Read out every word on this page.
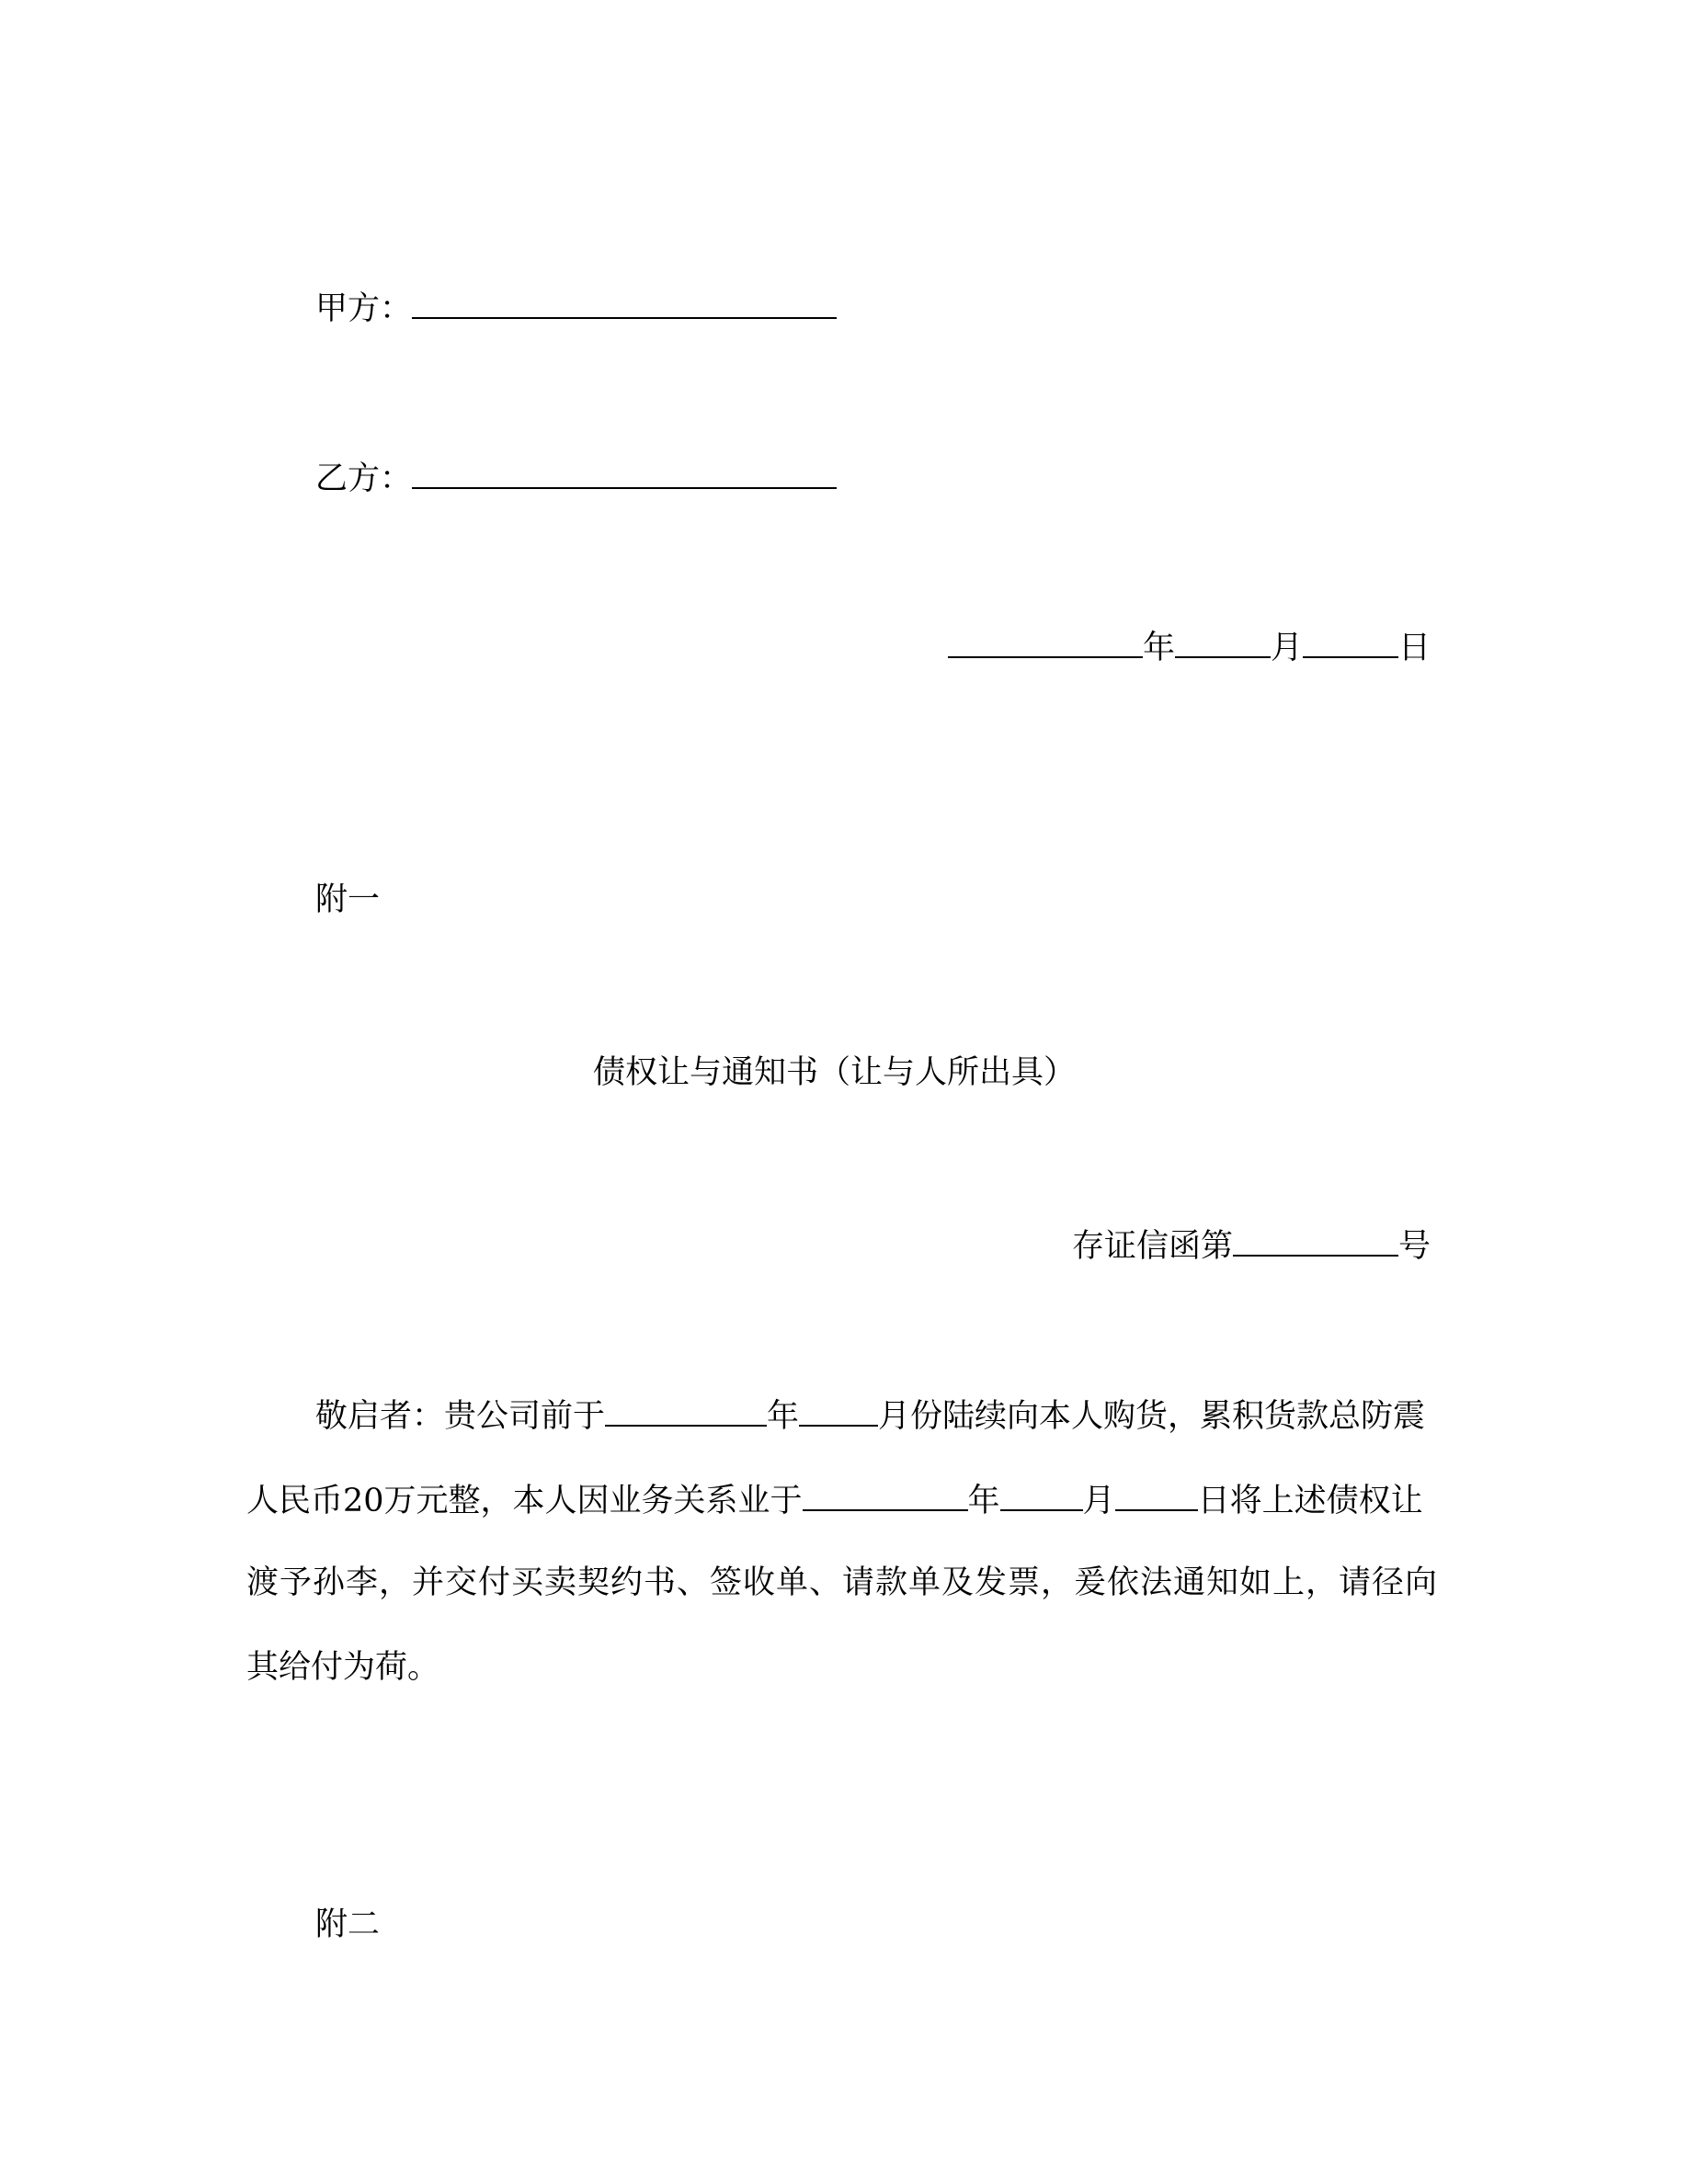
甲方：
乙方：
年	月	日
附一
债权让与通知书（让与人所出具）
存证信函第	号
敬启者：贵公司前于	年 月份陆续向本人购货，累积货款总防震
人民币20万元整，本人因业务关系业于	年	月	日将上述债权让
渡予孙李，并交付买卖契约书、签收单、请款单及发票，爰依法通知如上，请径向
其给付为荷。
附二
